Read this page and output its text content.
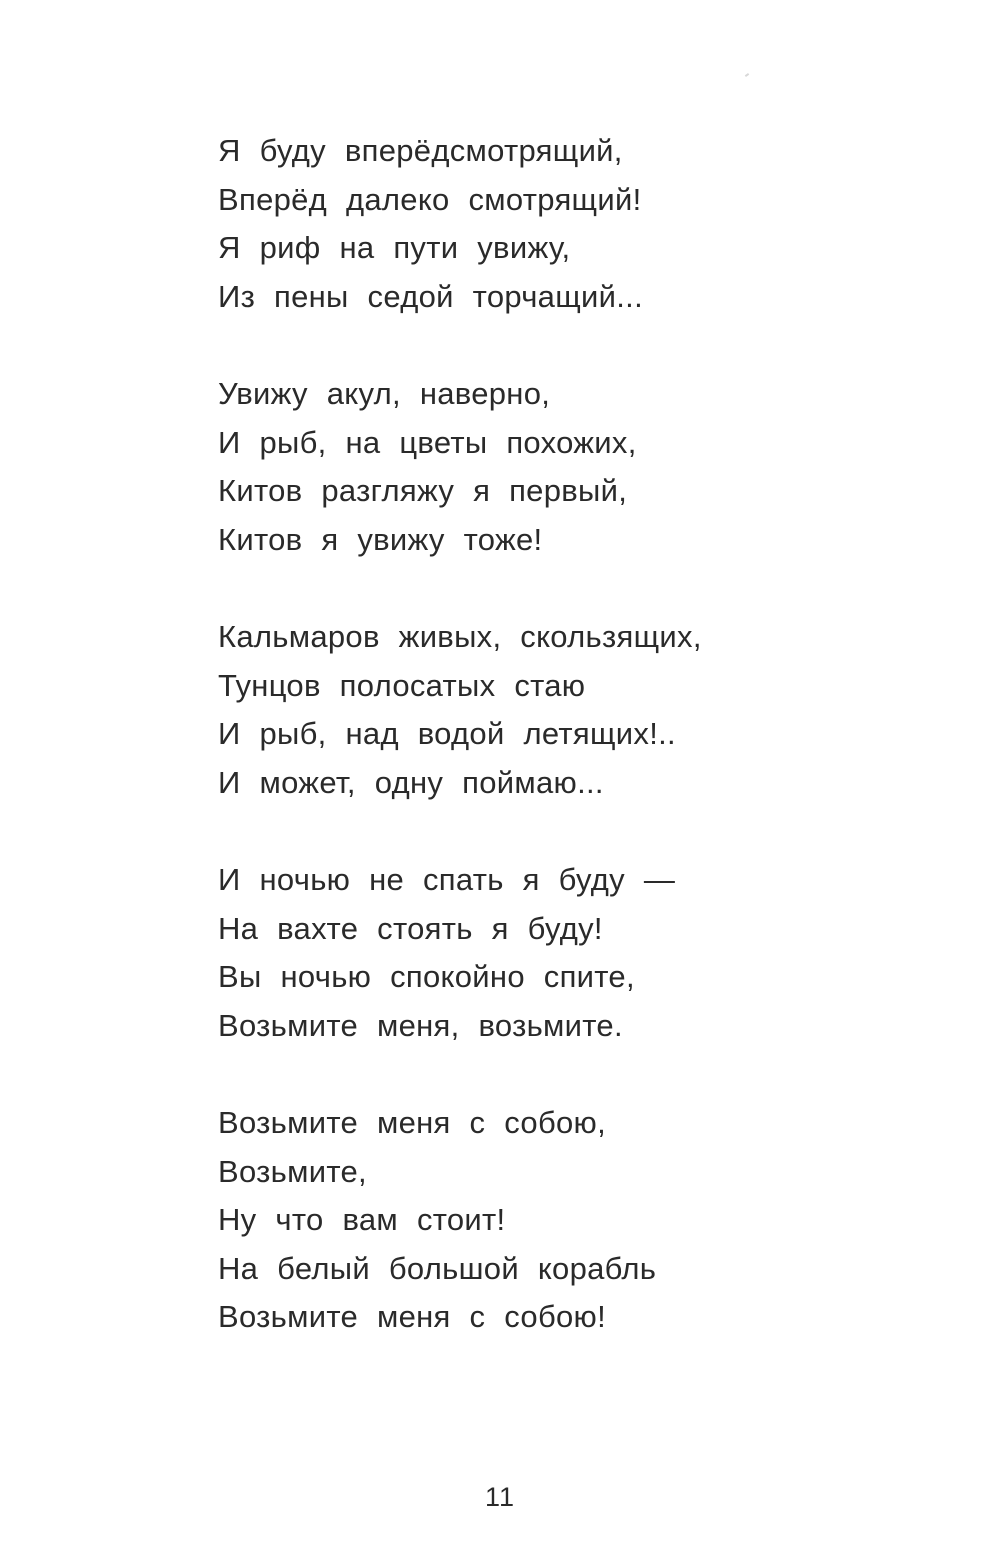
Я буду вперёдсмотрящий,
Вперёд далеко смотрящий!
Я риф на пути увижу,
Из пены седой торчащий...
Увижу акул, наверно,
И рыб, на цветы похожих,
Китов разгляжу я первый,
Китов я увижу тоже!
Кальмаров живых, скользящих,
Тунцов полосатых стаю
И рыб, над водой летящих!..
И может, одну поймаю...
И ночью не спать я буду —
На вахте стоять я буду!
Вы ночью спокойно спите,
Возьмите меня, возьмите.
Возьмите меня с собою,
Возьмите,
Ну что вам стоит!
На белый большой корабль
Возьмите меня с собою!
11
